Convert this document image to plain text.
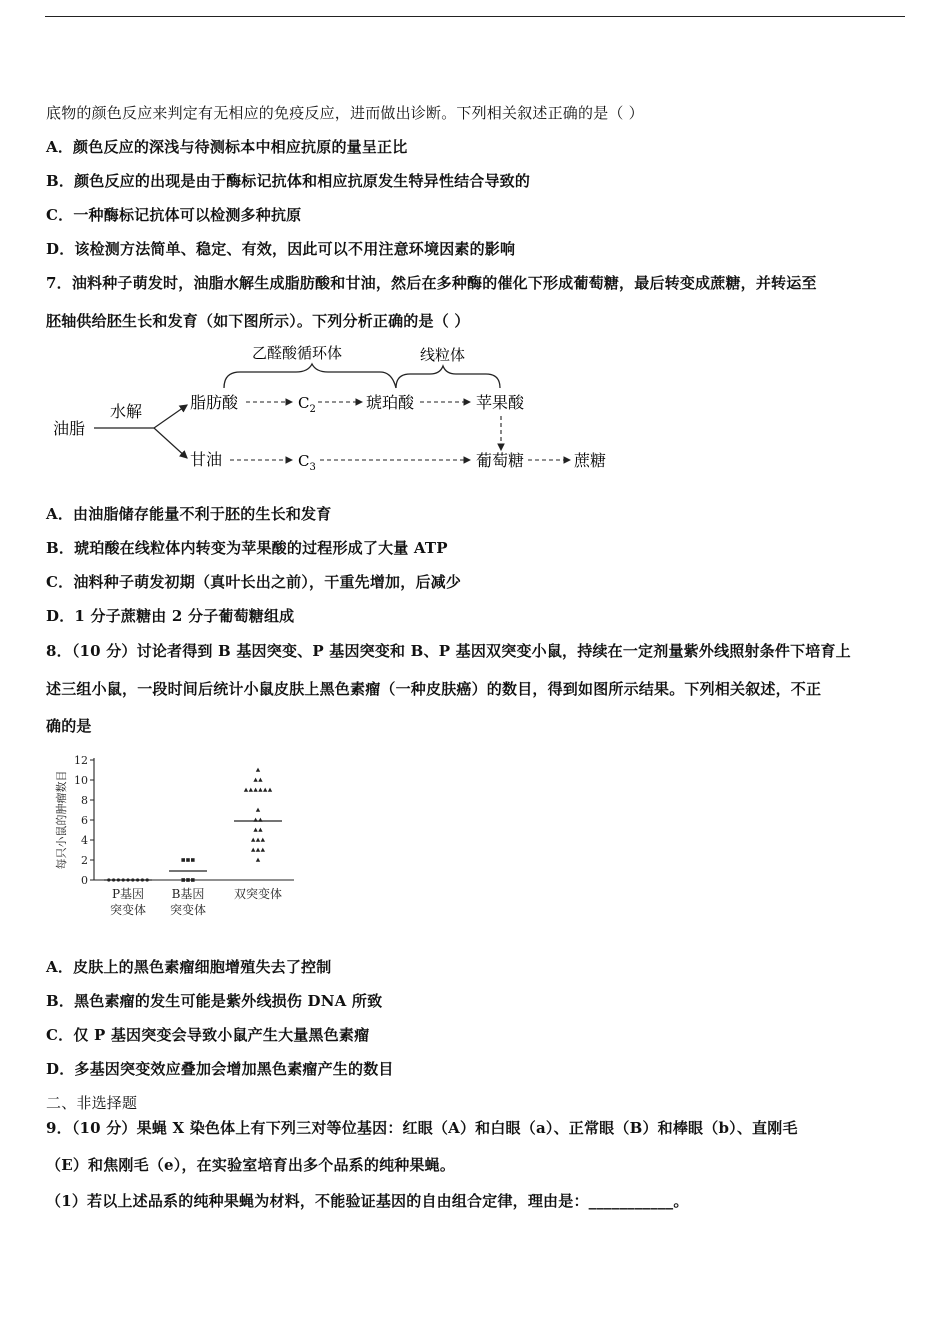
底物的颜色反应来判定有无相应的免疫反应，进而做出诊断。下列相关叙述正确的是（ ）
A．颜色反应的深浅与待测标本中相应抗原的量呈正比
B．颜色反应的出现是由于酶标记抗体和相应抗原发生特异性结合导致的
C．一种酶标记抗体可以检测多种抗原
D．该检测方法简单、稳定、有效，因此可以不用注意环境因素的影响
7．油料种子萌发时，油脂水解生成脂肪酸和甘油，然后在多种酶的催化下形成葡萄糖，最后转变成蔗糖，并转运至
胚轴供给胚生长和发育（如下图所示）。下列分析正确的是（ ）
乙醛酸循环体	线粒体
油脂
水解	脂肪酸	$C_2$	琥珀酸	苹果酸
甘油	$C_3$	葡萄糖	蔗糖
A．由油脂储存能量不利于胚的生长和发育
B．琥珀酸在线粒体内转变为苹果酸的过程形成了大量 ATP
C．油料种子萌发初期（真叶长出之前），干重先增加，后减少
D．1 分子蔗糖由 2 分子葡萄糖组成
8．（10 分）讨论者得到 B 基因突变、P 基因突变和 B、P 基因双突变小鼠，持续在一定剂量紫外线照射条件下培育上
述三组小鼠，一段时间后统计小鼠皮肤上黑色素瘤（一种皮肤癌）的数目，得到如图所示结果。下列相关叙述，不正
确的是
0
2
4
6
8
10
12
每只小鼠的肿瘤数目
P基因突变体
B基因突变体
双突变体
A．皮肤上的黑色素瘤细胞增殖失去了控制
B．黑色素瘤的发生可能是紫外线损伤 DNA 所致
C．仅 P 基因突变会导致小鼠产生大量黑色素瘤
D．多基因突变效应叠加会增加黑色素瘤产生的数目
二、非选择题
9．（10 分）果蝇 X 染色体上有下列三对等位基因：红眼（A）和白眼（a）、正常眼（B）和棒眼（b）、直刚毛
（E）和焦刚毛（e），在实验室培育出多个品系的纯种果蝇。
（1）若以上述品系的纯种果蝇为材料，不能验证基因的自由组合定律，理由是：___________。
